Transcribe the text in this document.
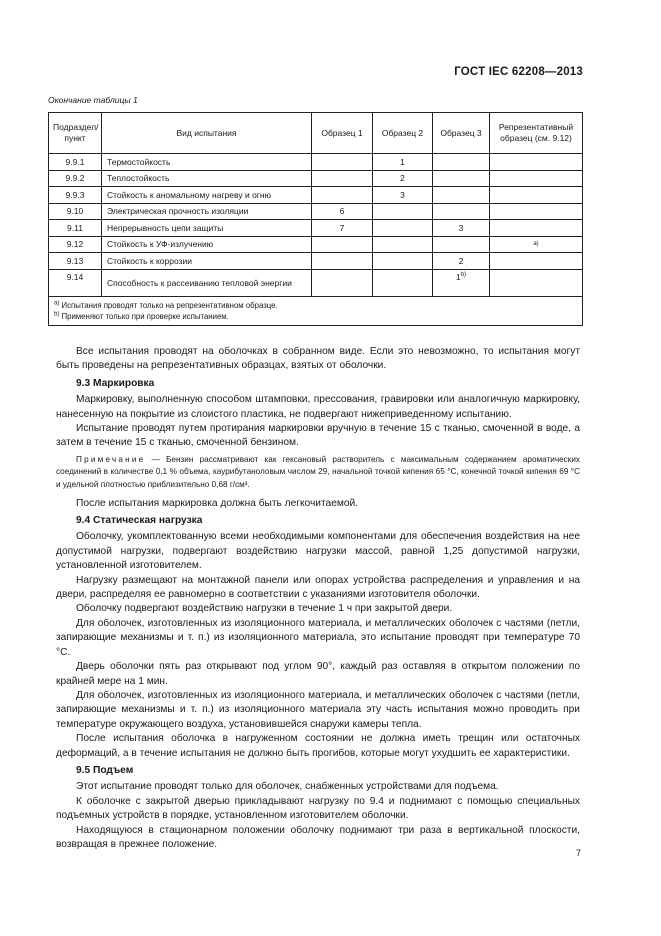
ГОСТ IEC 62208—2013
Окончание таблицы 1
Подраздел/ пункт	Вид испытания	Образец 1	Образец 2	Образец 3	Репрезентативный образец (см. 9.12)
9.9.1	Термостойкость		1		
9.9.2	Теплостойкость		2		
9.9.3	Стойкость к аномальному нагреву и огню		3		
9.10	Электрическая прочность изоляции	6			
9.11	Непрерывность цепи защиты	7		3	
9.12	Стойкость к УФ-излучению				а)
9.13	Стойкость к коррозии			2	
9.14	Способность к рассеиванию тепловой энергии			1$^{b)}$	

$^{а)}$ Испытания проводят только на репрезентативном образце.
$^{b)}$ Применяют только при проверке испытанием.					

Все испытания проводят на оболочках в собранном виде. Если это невозможно, то испытания могут быть проведены на репрезентативных образцах, взятых от оболочки.

9.3 Маркировка

Маркировку, выполненную способом штамповки, прессования, гравировки или аналогичную маркировку, нанесенную на покрытие из слоистого пластика, не подвергают нижеприведенному испытанию.

Испытание проводят путем протирания маркировки вручную в течение 15 с тканью, смоченной в воде, а затем в течение 15 с тканью, смоченной бензином.

Примечание — Бензин рассматривают как гексановый растворитель с максимальным содержанием ароматических соединений в количестве 0,1 % объема, каурибутаноловым числом 29, начальной точкой кипения 65 °C, конечной точкой кипения 69 °C и удельной плотностью приблизительно 0,68 г/см³.

После испытания маркировка должна быть легкочитаемой.

9.4 Статическая нагрузка

Оболочку, укомплектованную всеми необходимыми компонентами для обеспечения воздействия на нее допустимой нагрузки, подвергают воздействию нагрузки массой, равной 1,25 допустимой нагрузки, установленной изготовителем.

Нагрузку размещают на монтажной панели или опорах устройства распределения и управления и на двери, распределяя ее равномерно в соответствии с указаниями изготовителя оболочки.

Оболочку подвергают воздействию нагрузки в течение 1 ч при закрытой двери.

Для оболочек, изготовленных из изоляционного материала, и металлических оболочек с частями (петли, запирающие механизмы и т. п.) из изоляционного материала, это испытание проводят при температуре 70 °C.

Дверь оболочки пять раз открывают под углом 90°, каждый раз оставляя в открытом положении по крайней мере на 1 мин.

Для оболочек, изготовленных из изоляционного материала, и металлических оболочек с частями (петли, запирающие механизмы и т. п.) из изоляционного материала эту часть испытания можно проводить при температуре окружающего воздуха, установившейся снаружи камеры тепла.

После испытания оболочка в нагруженном состоянии не должна иметь трещин или остаточных деформаций, а в течение испытания не должно быть прогибов, которые могут ухудшить ее характеристики.

9.5 Подъем

Этот испытание проводят только для оболочек, снабженных устройствами для подъема.

К оболочке с закрытой дверью прикладывают нагрузку по 9.4 и поднимают с помощью специальных подъемных устройств в порядке, установленном изготовителем оболочки.

Находящуюся в стационарном положении оболочку поднимают три раза в вертикальной плоскости, возвращая в прежнее положение.

7
